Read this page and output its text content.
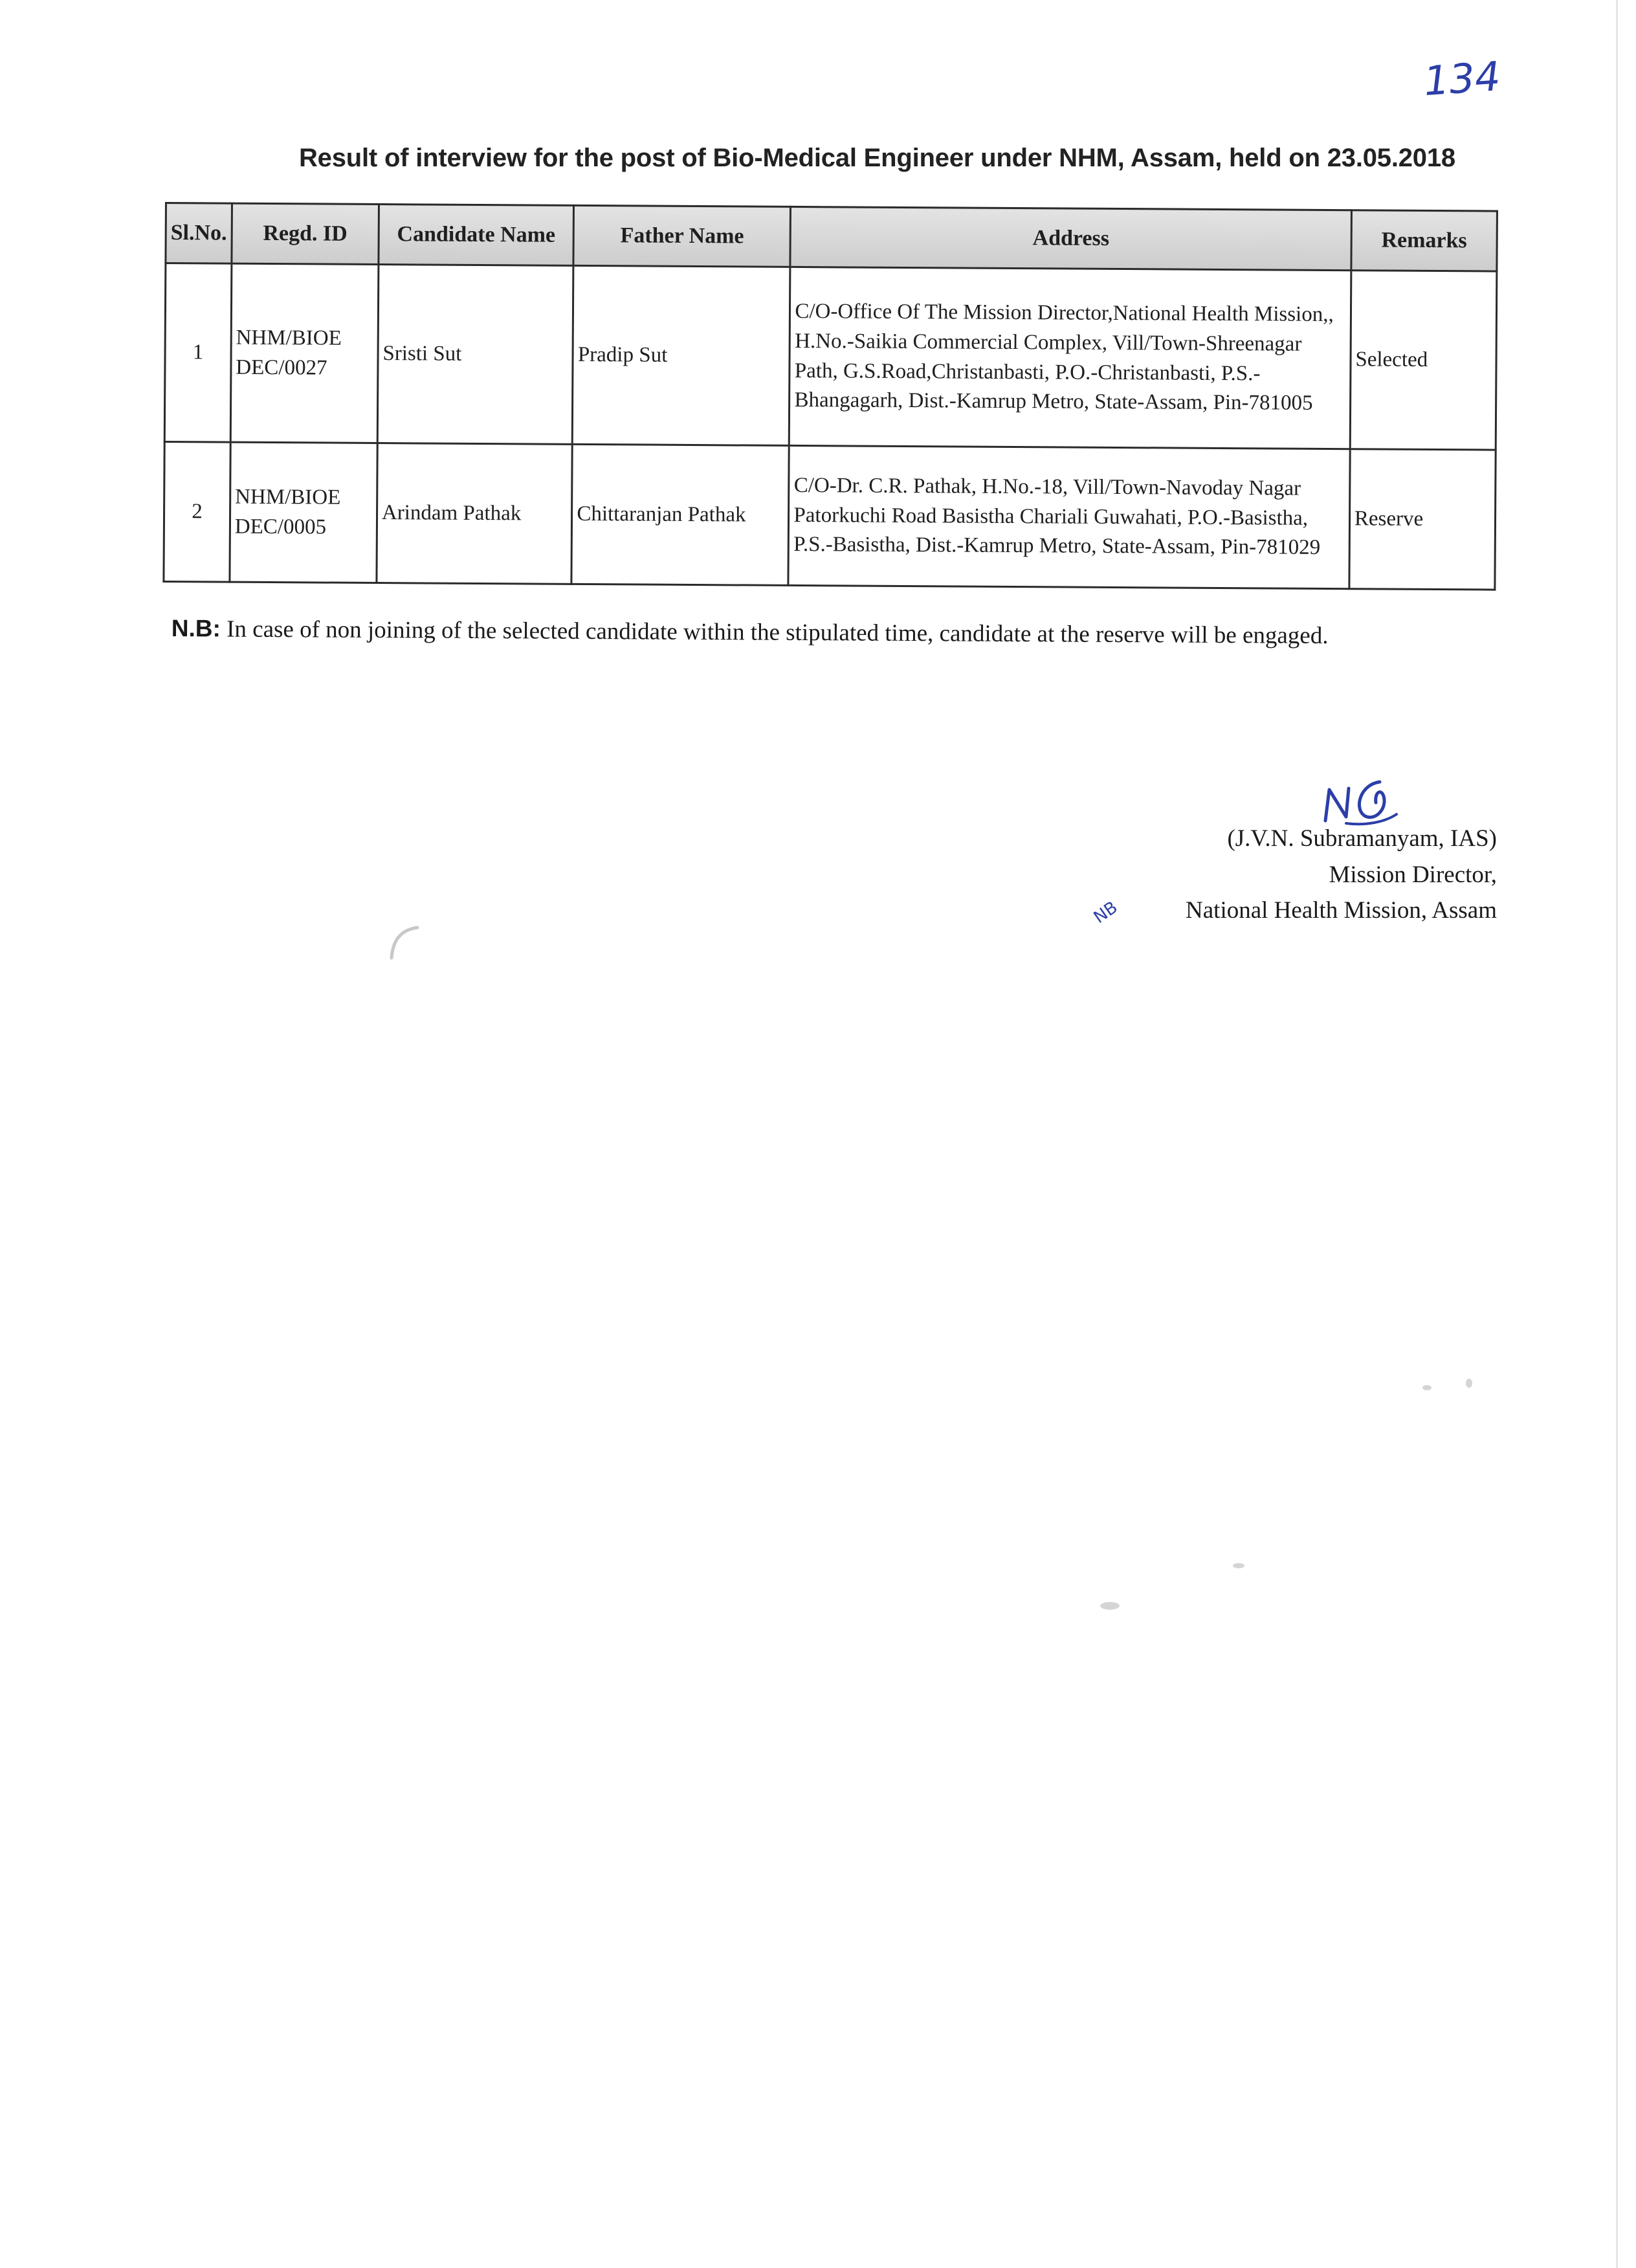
134
Result of interview for the post of Bio-Medical Engineer under NHM, Assam, held on 23.05.2018
Sl.No.	Regd. ID	Candidate Name	Father Name	Address	Remarks
1	NHM/BIOE DEC/0027	Sristi Sut	Pradip Sut	C/O-Office Of The Mission Director,National Health Mission,, H.No.-Saikia Commercial Complex, Vill/Town-Shreenagar Path, G.S.Road,Christanbasti, P.O.-Christanbasti, P.S.-Bhangagarh, Dist.-Kamrup Metro, State-Assam, Pin-781005	Selected
2	NHM/BIOE DEC/0005	Arindam Pathak	Chittaranjan Pathak	C/O-Dr. C.R. Pathak, H.No.-18, Vill/Town-Navoday Nagar Patorkuchi Road Basistha Chariali Guwahati, P.O.-Basistha, P.S.-Basistha, Dist.-Kamrup Metro, State-Assam, Pin-781029	Reserve
N.B: In case of non joining of the selected candidate within the stipulated time, candidate at the reserve will be engaged.
(J.V.N. Subramanyam, IAS)
Mission Director,
National Health Mission, Assam
NB
